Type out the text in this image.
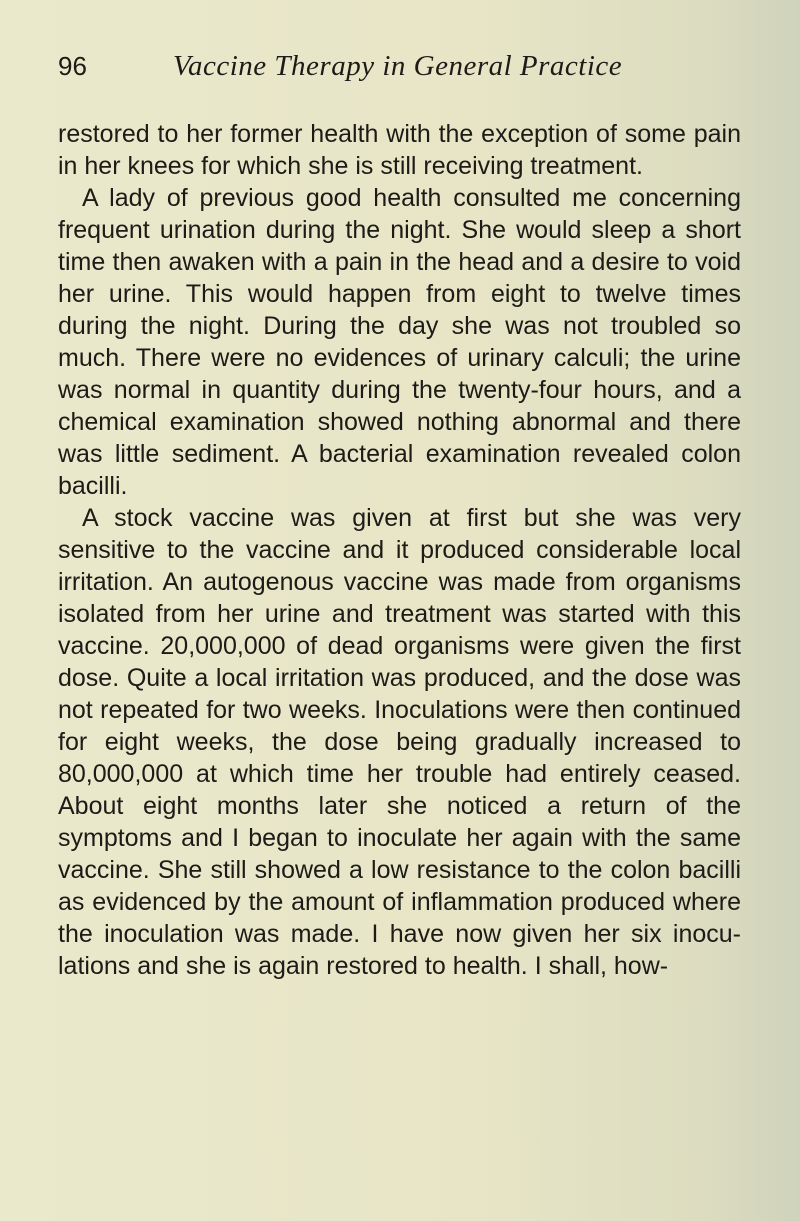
96	Vaccine Therapy in General Practice

restored to her former health with the exception of some pain in her knees for which she is still receiving treatment.

A lady of previous good health consulted me concerning frequent urination during the night. She would sleep a short time then awaken with a pain in the head and a desire to void her urine. This would happen from eight to twelve times during the night. During the day she was not troubled so much. There were no evidences of urinary calculi; the urine was normal in quantity during the twenty-four hours, and a chemical examination showed nothing abnormal and there was little sediment. A bacterial examination revealed colon bacilli.

A stock vaccine was given at first but she was very sensitive to the vaccine and it produced considerable local irritation. An autogenous vaccine was made from organisms isolated from her urine and treatment was started with this vaccine. 20,000,000 of dead organisms were given the first dose. Quite a local irritation was produced, and the dose was not repeated for two weeks. Inoculations were then continued for eight weeks, the dose being gradually increased to 80,000,000 at which time her trouble had entirely ceased. About eight months later she noticed a return of the symptoms and I began to inoculate her again with the same vaccine. She still showed a low resistance to the colon bacilli as evidenced by the amount of inflammation produced where the inoculation was made. I have now given her six inoculations and she is again restored to health. I shall, how-
